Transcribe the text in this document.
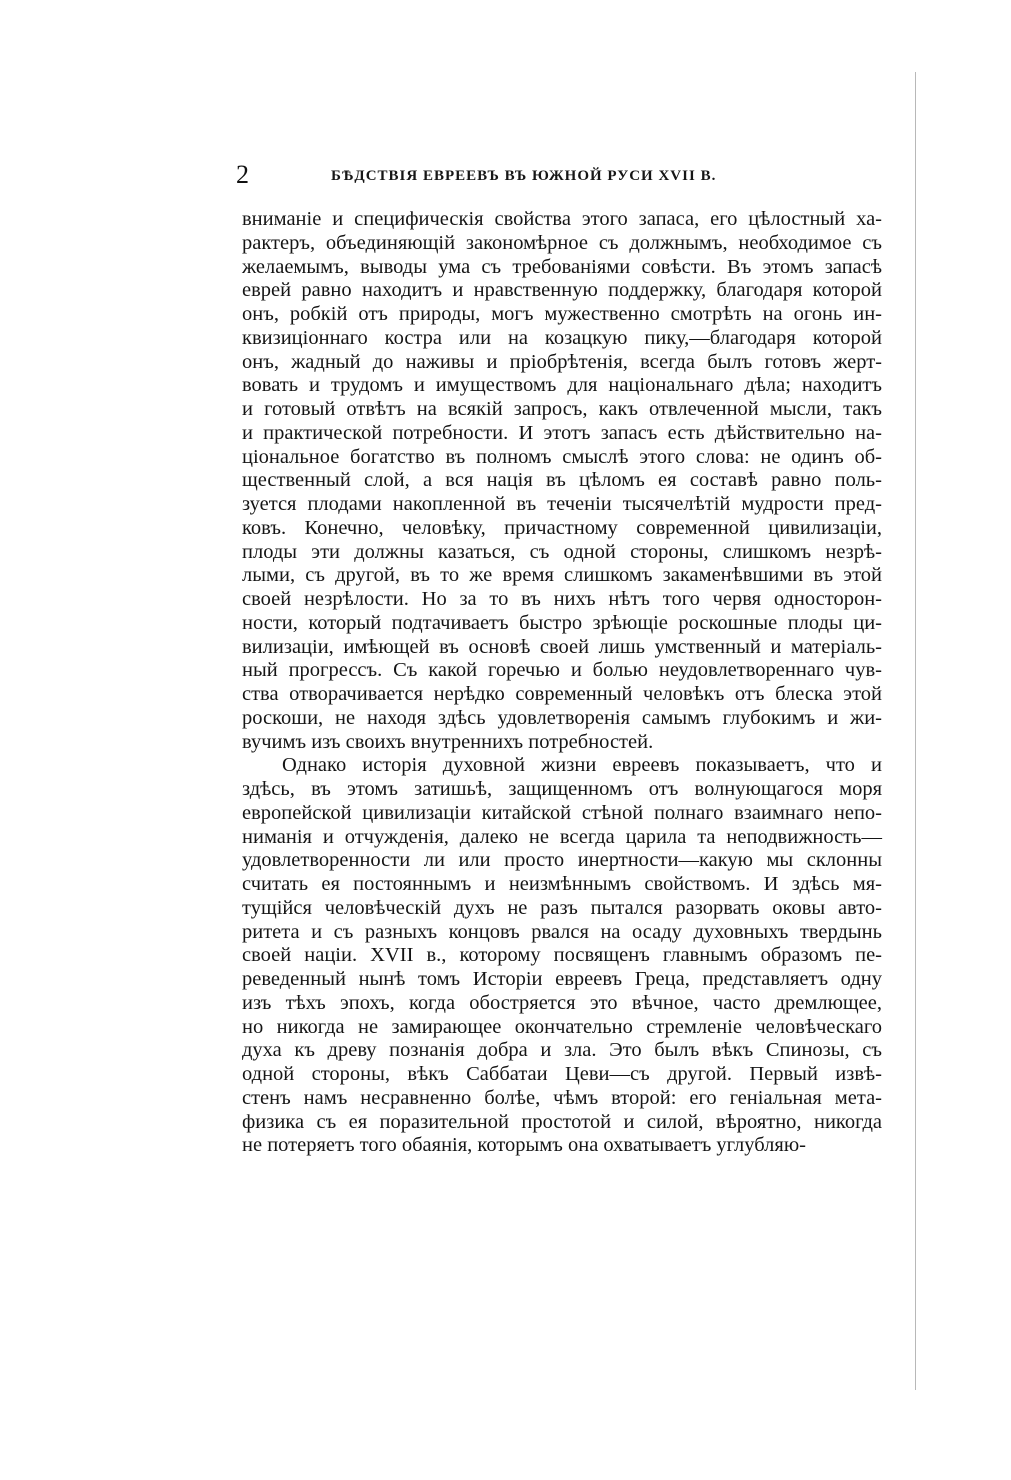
2	БѢДСТВІЯ ЕВРЕЕВЪ ВЪ ЮЖНОЙ РУСИ XVII В.
вниманіе и специфическія свойства этого запаса, его цѣлостный ха-
рактеръ, объединяющій закономѣрное съ должнымъ, необходимое съ
желаемымъ, выводы ума съ требованіями совѣсти. Въ этомъ запасѣ
еврей равно находитъ и нравственную поддержку, благодаря которой
онъ, робкій отъ природы, могъ мужественно смотрѣть на огонь ин-
квизиціоннаго костра или на козацкую пику,—благодаря которой
онъ, жадный до наживы и пріобрѣтенія, всегда былъ готовъ жерт-
вовать и трудомъ и имуществомъ для національнаго дѣла; находитъ
и готовый отвѣтъ на всякій запросъ, какъ отвлеченной мысли, такъ
и практической потребности. И этотъ запасъ есть дѣйствительно на-
ціональное богатство въ полномъ смыслѣ этого слова: не одинъ об-
щественный слой, а вся нація въ цѣломъ ея составѣ равно поль-
зуется плодами накопленной въ теченіи тысячелѣтій мудрости пред-
ковъ. Конечно, человѣку, причастному современной цивилизаціи,
плоды эти должны казаться, съ одной стороны, слишкомъ незрѣ-
лыми, съ другой, въ то же время слишкомъ закаменѣвшими въ этой
своей незрѣлости. Но за то въ нихъ нѣтъ того червя односторон-
ности, который подтачиваетъ быстро зрѣющіе роскошные плоды ци-
вилизаціи, имѣющей въ основѣ своей лишь умственный и матеріаль-
ный прогрессъ. Съ какой горечью и болью неудовлетвореннаго чув-
ства отворачивается нерѣдко современный человѣкъ отъ блеска этой
роскоши, не находя здѣсь удовлетворенія самымъ глубокимъ и жи-
вучимъ изъ своихъ внутреннихъ потребностей.
Однако исторія духовной жизни евреевъ показываетъ, что и
здѣсь, въ этомъ затишьѣ, защищенномъ отъ волнующагося моря
европейской цивилизаціи китайской стѣной полнаго взаимнаго непо-
ниманія и отчужденія, далеко не всегда царила та неподвижность—
удовлетворенности ли или просто инертности—какую мы склонны
считать ея постояннымъ и неизмѣннымъ свойствомъ. И здѣсь мя-
тущійся человѣческій духъ не разъ пытался разорвать оковы авто-
ритета и съ разныхъ концовъ рвался на осаду духовныхъ твердынь
своей націи. XVII в., которому посвященъ главнымъ образомъ пе-
реведенный нынѣ томъ Исторіи евреевъ Греца, представляетъ одну
изъ тѣхъ эпохъ, когда обостряется это вѣчное, часто дремлющее,
но никогда не замирающее окончательно стремленіе человѣческаго
духа къ древу познанія добра и зла. Это былъ вѣкъ Спинозы, съ
одной стороны, вѣкъ Саббатаи Цеви—съ другой. Первый извѣ-
стенъ намъ несравненно болѣе, чѣмъ второй: его геніальная мета-
физика съ ея поразительной простотой и силой, вѣроятно, никогда
не потеряетъ того обаянія, которымъ она охватываетъ углубляю-
